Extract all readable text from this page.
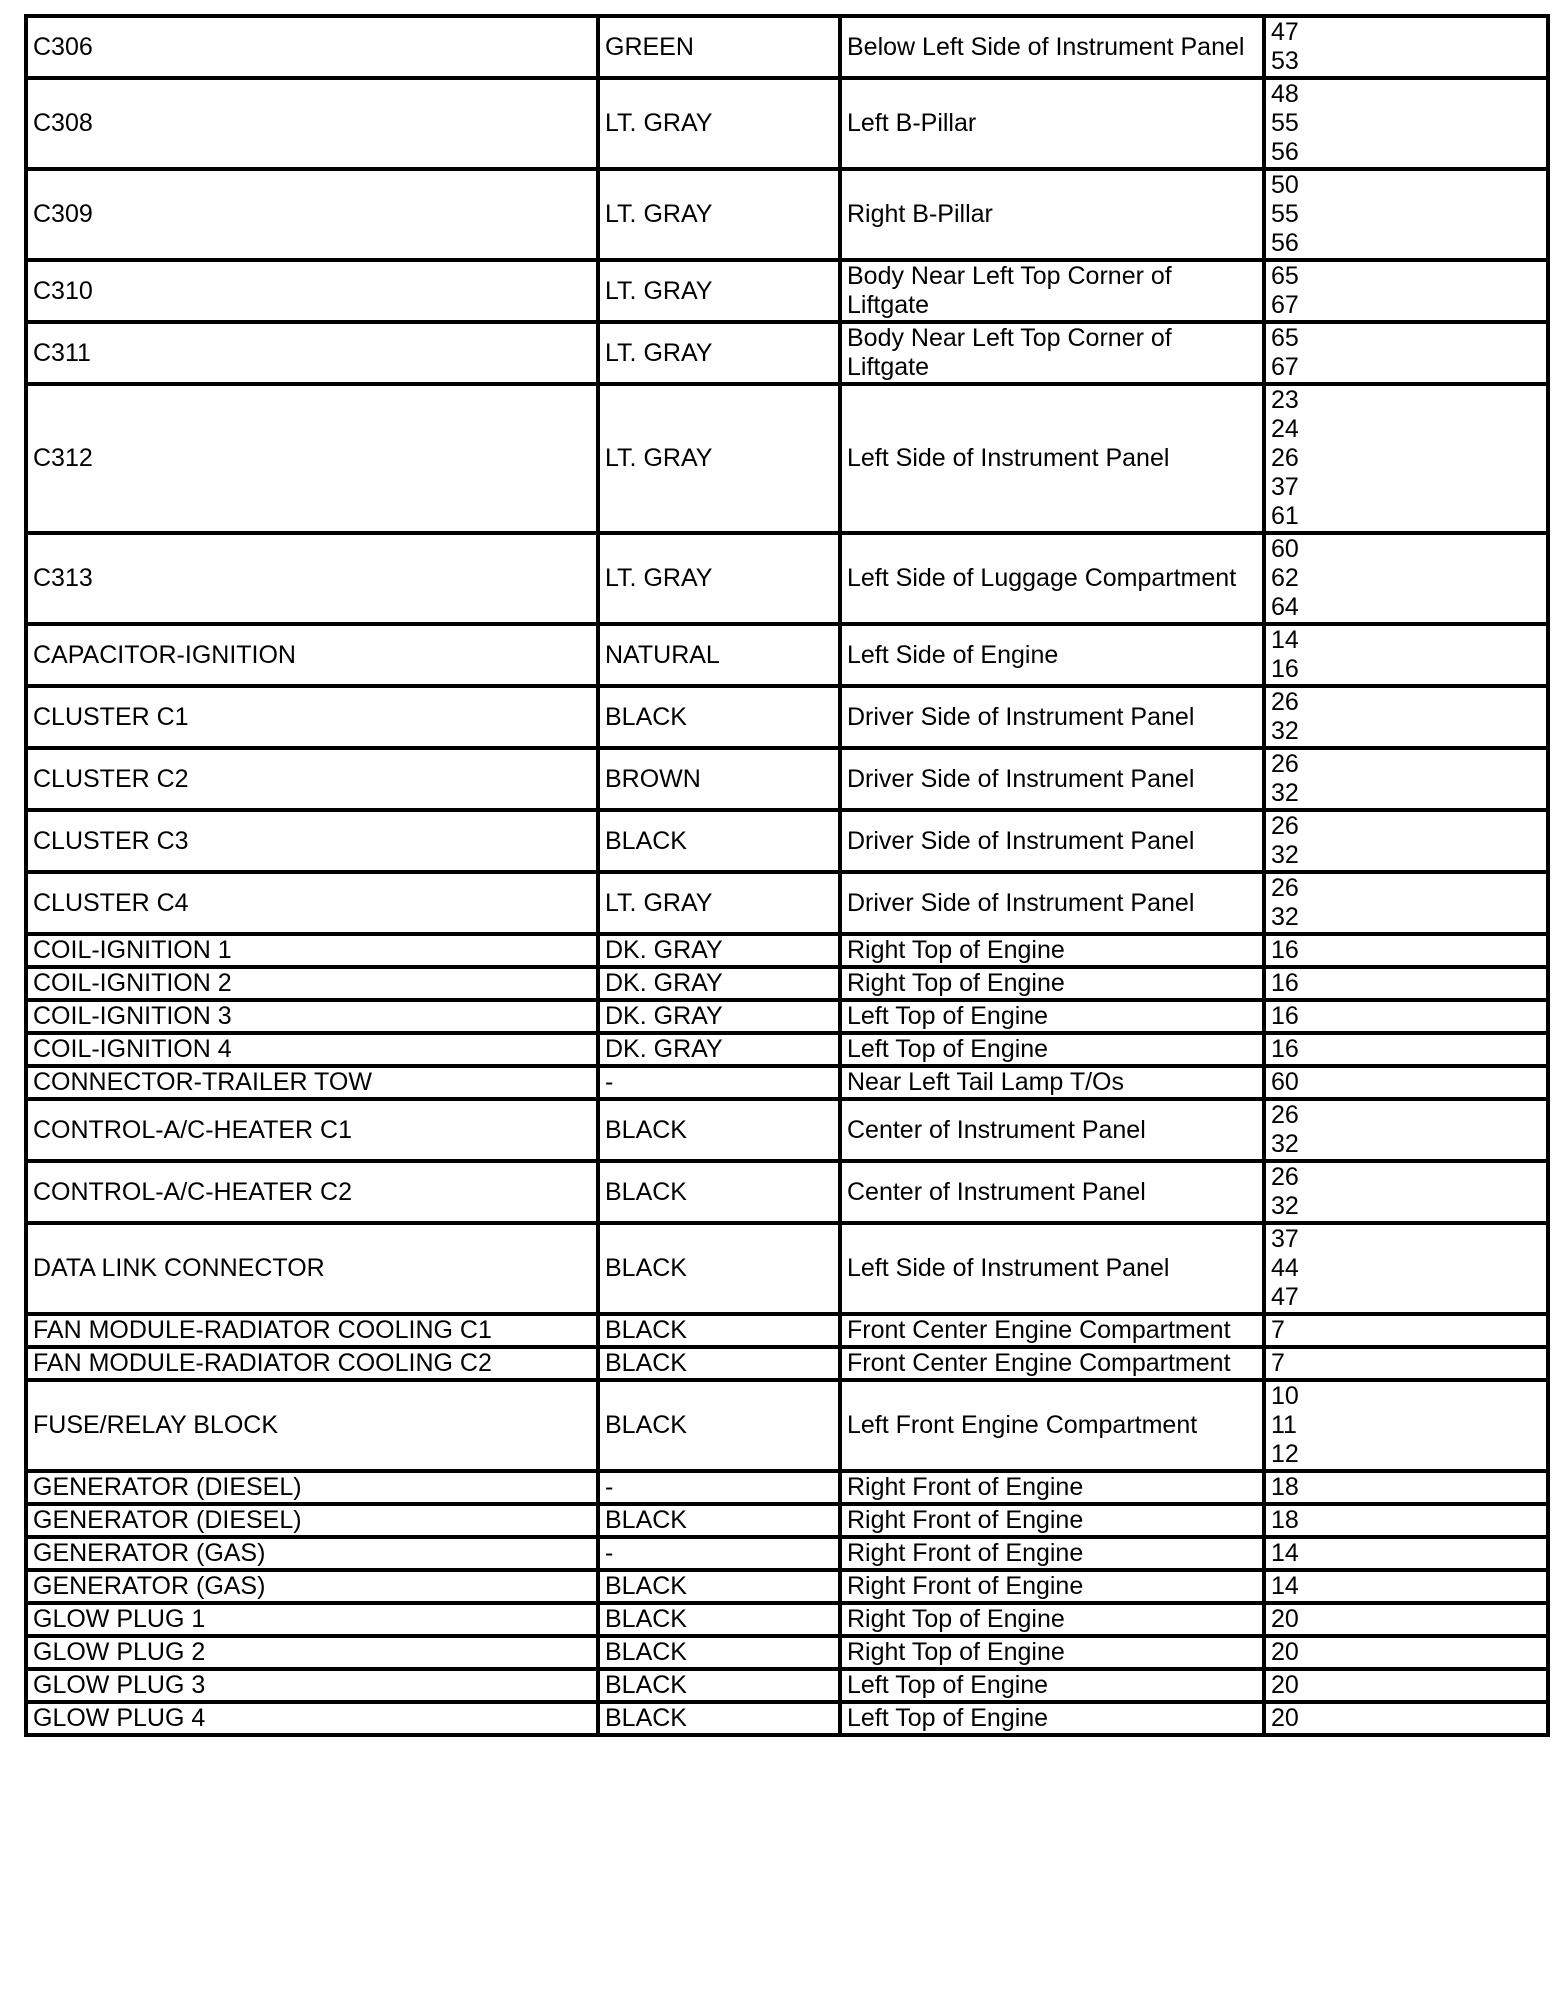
C306	GREEN	Below Left Side of Instrument Panel	47
53

C308	LT. GRAY	Left B-Pillar	48
55
56

C309	LT. GRAY	Right B-Pillar	50
55
56

C310	LT. GRAY	Body Near Left Top Corner of Liftgate	65
67

C311	LT. GRAY	Body Near Left Top Corner of Liftgate	65
67

C312	LT. GRAY	Left Side of Instrument Panel	23
24
26
37
61

C313	LT. GRAY	Left Side of Luggage Compartment	60
62
64

CAPACITOR-IGNITION	NATURAL	Left Side of Engine	14
16

CLUSTER C1	BLACK	Driver Side of Instrument Panel	26
32

CLUSTER C2	BROWN	Driver Side of Instrument Panel	26
32

CLUSTER C3	BLACK	Driver Side of Instrument Panel	26
32

CLUSTER C4	LT. GRAY	Driver Side of Instrument Panel	26
32

COIL-IGNITION 1	DK. GRAY	Right Top of Engine	16

COIL-IGNITION 2	DK. GRAY	Right Top of Engine	16

COIL-IGNITION 3	DK. GRAY	Left Top of Engine	16

COIL-IGNITION 4	DK. GRAY	Left Top of Engine	16

CONNECTOR-TRAILER TOW	-	Near Left Tail Lamp T/Os	60

CONTROL-A/C-HEATER C1	BLACK	Center of Instrument Panel	26
32

CONTROL-A/C-HEATER C2	BLACK	Center of Instrument Panel	26
32

DATA LINK CONNECTOR	BLACK	Left Side of Instrument Panel	37
44
47

FAN MODULE-RADIATOR COOLING C1	BLACK	Front Center Engine Compartment	7

FAN MODULE-RADIATOR COOLING C2	BLACK	Front Center Engine Compartment	7

FUSE/RELAY BLOCK	BLACK	Left Front Engine Compartment	10
11
12

GENERATOR (DIESEL)	-	Right Front of Engine	18

GENERATOR (DIESEL)	BLACK	Right Front of Engine	18

GENERATOR (GAS)	-	Right Front of Engine	14

GENERATOR (GAS)	BLACK	Right Front of Engine	14

GLOW PLUG 1	BLACK	Right Top of Engine	20

GLOW PLUG 2	BLACK	Right Top of Engine	20

GLOW PLUG 3	BLACK	Left Top of Engine	20

GLOW PLUG 4	BLACK	Left Top of Engine	20
